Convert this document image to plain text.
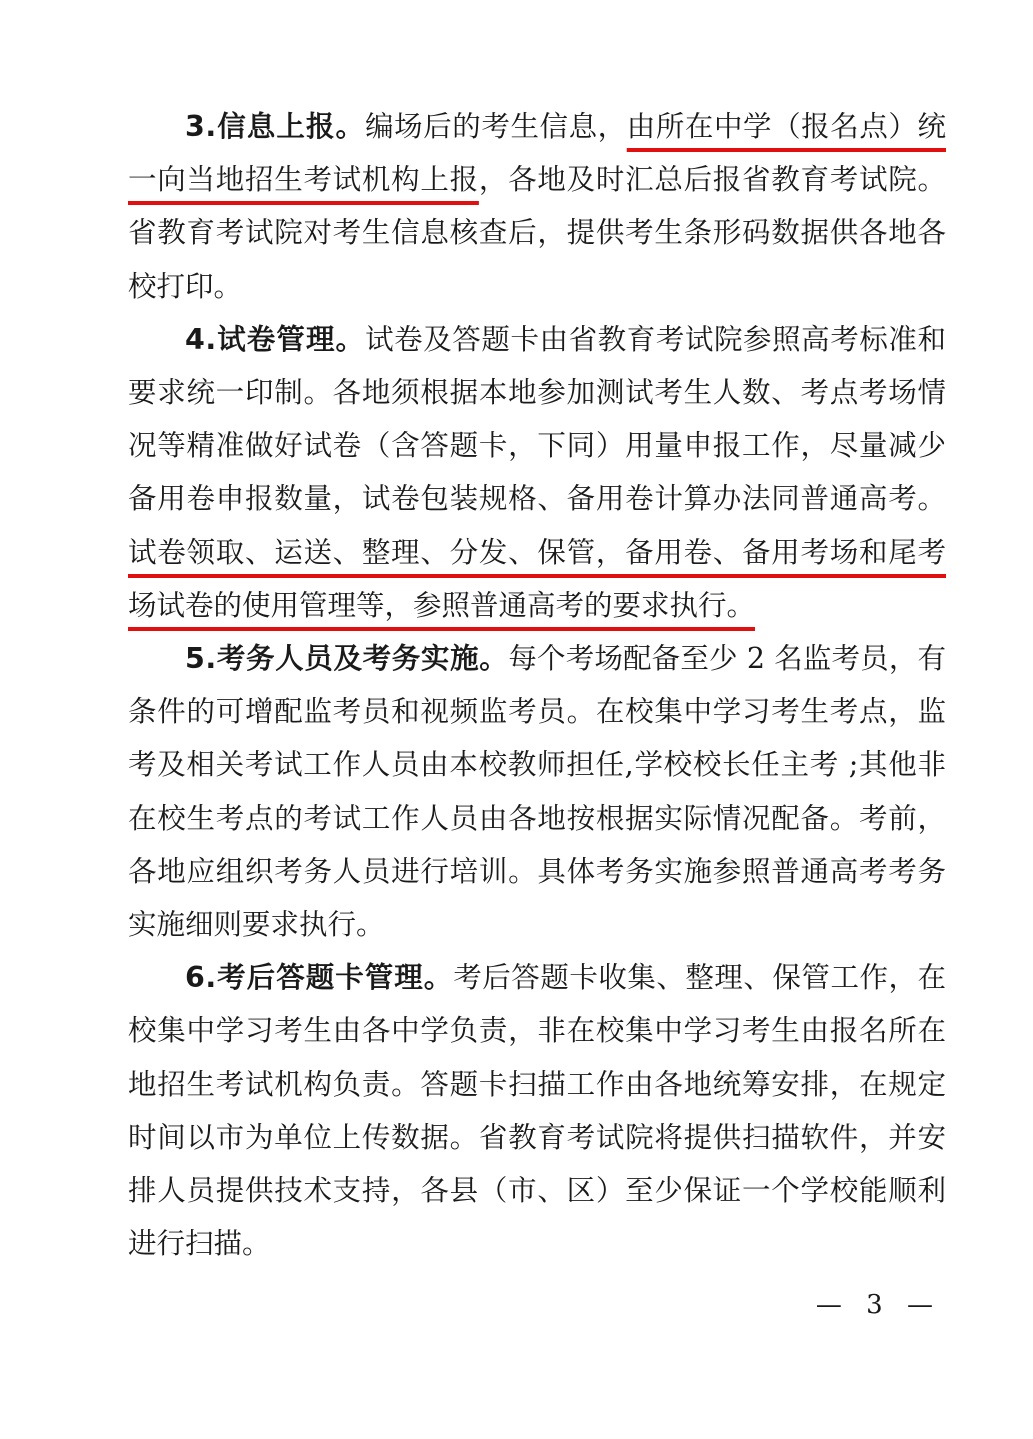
3.信息上报。编场后的考生信息，由所在中学（报名点）统一向当地招生考试机构上报，各地及时汇总后报省教育考试院。省教育考试院对考生信息核查后，提供考生条形码数据供各地各校打印。

4.试卷管理。试卷及答题卡由省教育考试院参照高考标准和要求统一印制。各地须根据本地参加测试考生人数、考点考场情况等精准做好试卷（含答题卡，下同）用量申报工作，尽量减少备用卷申报数量，试卷包装规格、备用卷计算办法同普通高考。试卷领取、运送、整理、分发、保管，备用卷、备用考场和尾考场试卷的使用管理等，参照普通高考的要求执行。

5.考务人员及考务实施。每个考场配备至少 2 名监考员，有条件的可增配监考员和视频监考员。在校集中学习考生考点，监考及相关考试工作人员由本校教师担任,学校校长任主考 ;其他非在校生考点的考试工作人员由各地按根据实际情况配备。考前，各地应组织考务人员进行培训。具体考务实施参照普通高考考务实施细则要求执行。

6.考后答题卡管理。考后答题卡收集、整理、保管工作，在校集中学习考生由各中学负责，非在校集中学习考生由报名所在地招生考试机构负责。答题卡扫描工作由各地统筹安排，在规定时间以市为单位上传数据。省教育考试院将提供扫描软件，并安排人员提供技术支持，各县（市、区）至少保证一个学校能顺利进行扫描。

— 3 —
